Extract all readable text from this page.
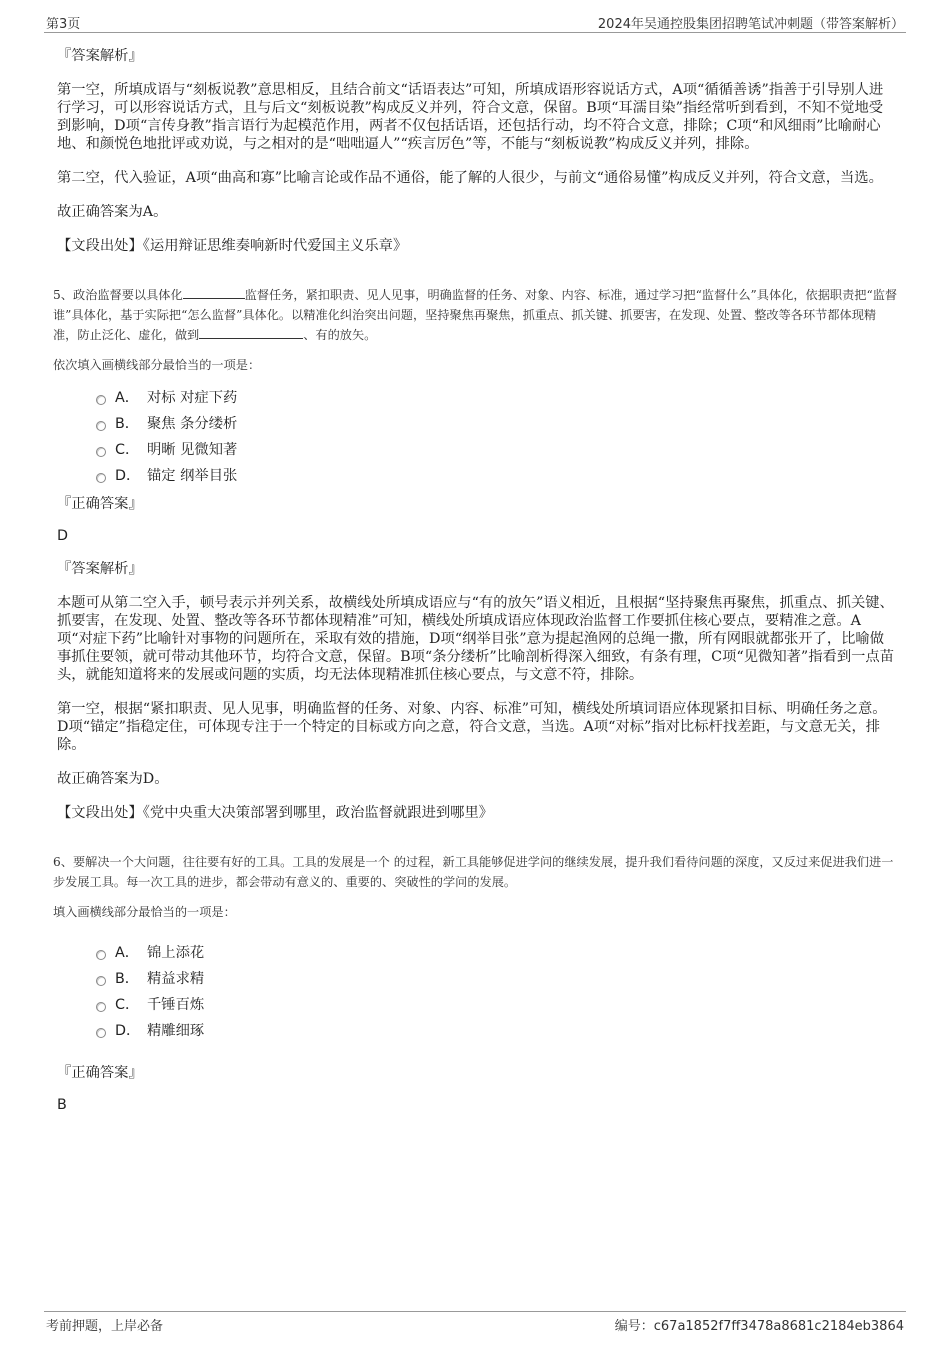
第3页	2024年吴通控股集团招聘笔试冲刺题（带答案解析）

『答案解析』

第一空，所填成语与“刻板说教”意思相反，且结合前文“话语表达”可知，所填成语形容说话方式，A项“循循善诱”指善于引导别人进行学习，可以形容说话方式，且与后文“刻板说教”构成反义并列，符合文意，保留。B项“耳濡目染”指经常听到看到，不知不觉地受到影响，D项“言传身教”指言语行为起模范作用，两者不仅包括话语，还包括行动，均不符合文意，排除；C项“和风细雨”比喻耐心地、和颜悦色地批评或劝说，与之相对的是“咄咄逼人”“疾言厉色”等，不能与“刻板说教”构成反义并列，排除。

第二空，代入验证，A项“曲高和寡”比喻言论或作品不通俗，能了解的人很少，与前文“通俗易懂”构成反义并列，符合文意，当选。

故正确答案为A。

【文段出处】《运用辩证思维奏响新时代爱国主义乐章》

5、政治监督要以具体化	监督任务，紧扣职责、见人见事，明确监督的任务、对象、内容、标准，通过学习把“监督什么”具体化，依据职责把“监督谁”具体化，基于实际把“怎么监督”具体化。以精准化纠治突出问题，坚持聚焦再聚焦，抓重点、抓关键、抓要害，在发现、处置、整改等各环节都体现精准，防止泛化、虚化，做到	、有的放矢。

依次填入画横线部分最恰当的一项是：

A． 对标 对症下药
B． 聚焦 条分缕析
C． 明晰 见微知著
D． 锚定 纲举目张

『正确答案』

D

『答案解析』

本题可从第二空入手，顿号表示并列关系，故横线处所填成语应与“有的放矢”语义相近，且根据“坚持聚焦再聚焦，抓重点、抓关键、抓要害，在发现、处置、整改等各环节都体现精准”可知，横线处所填成语应体现政治监督工作要抓住核心要点，要精准之意。A项“对症下药”比喻针对事物的问题所在，采取有效的措施，D项“纲举目张”意为提起渔网的总绳一撒，所有网眼就都张开了，比喻做事抓住要领，就可带动其他环节，均符合文意，保留。B项“条分缕析”比喻剖析得深入细致，有条有理，C项“见微知著”指看到一点苗头，就能知道将来的发展或问题的实质，均无法体现精准抓住核心要点，与文意不符，排除。

第一空，根据“紧扣职责、见人见事，明确监督的任务、对象、内容、标准”可知，横线处所填词语应体现紧扣目标、明确任务之意。D项“锚定”指稳定住，可体现专注于一个特定的目标或方向之意，符合文意，当选。A项“对标”指对比标杆找差距，与文意无关，排除。

故正确答案为D。

【文段出处】《党中央重大决策部署到哪里，政治监督就跟进到哪里》

6、要解决一个大问题，往往要有好的工具。工具的发展是一个 的过程，新工具能够促进学问的继续发展，提升我们看待问题的深度，又反过来促进我们进一步发展工具。每一次工具的进步，都会带动有意义的、重要的、突破性的学问的发展。

填入画横线部分最恰当的一项是：

A． 锦上添花
B． 精益求精
C． 千锤百炼
D． 精雕细琢

『正确答案』

B

考前押题，上岸必备	编号：c67a1852f7ff3478a8681c2184eb3864
